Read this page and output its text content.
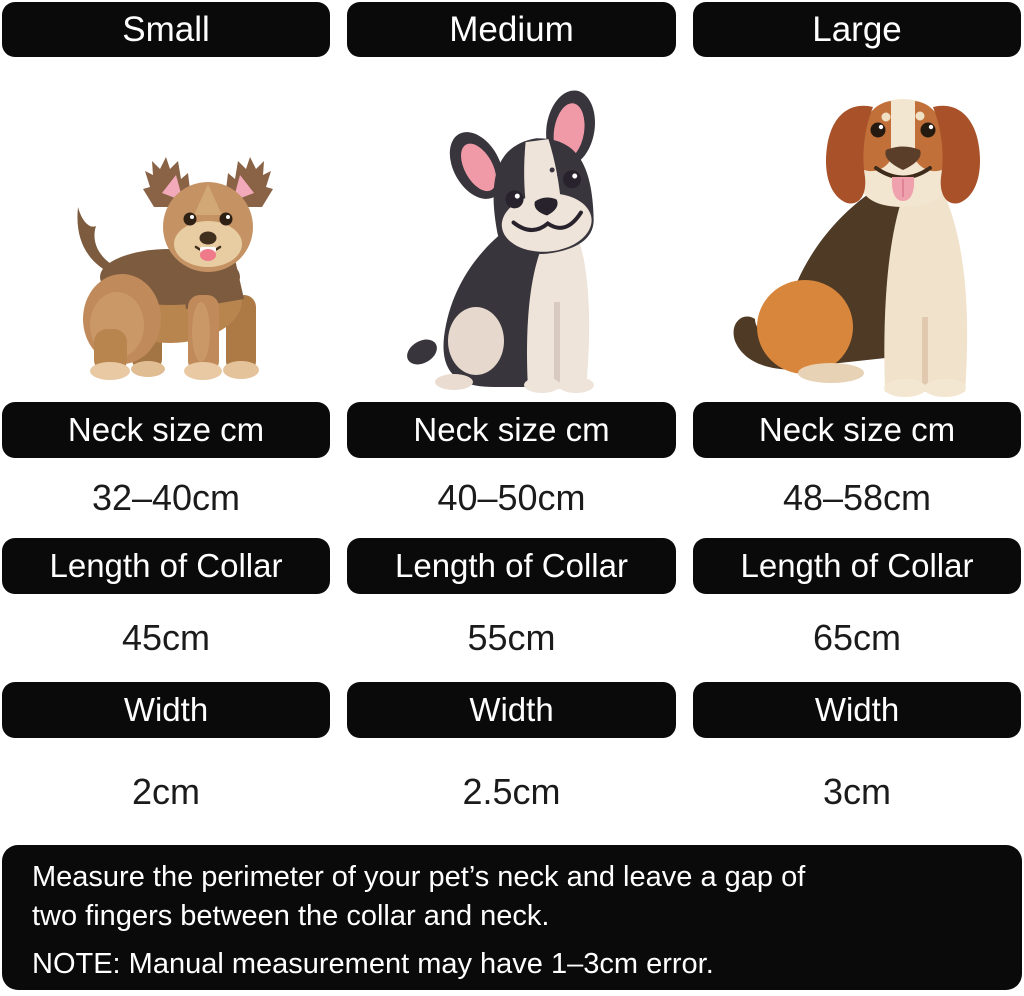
Small
Neck size cm
32–40cm
Length of Collar
45cm
Width
2cm
Medium
Neck size cm
40–50cm
Length of Collar
55cm
Width
2.5cm
Large
Neck size cm
48–58cm
Length of Collar
65cm
Width
3cm

Measure the perimeter of your pet’s neck and leave a gap of
two fingers between the collar and neck.

NOTE: Manual measurement may have 1–3cm error.
